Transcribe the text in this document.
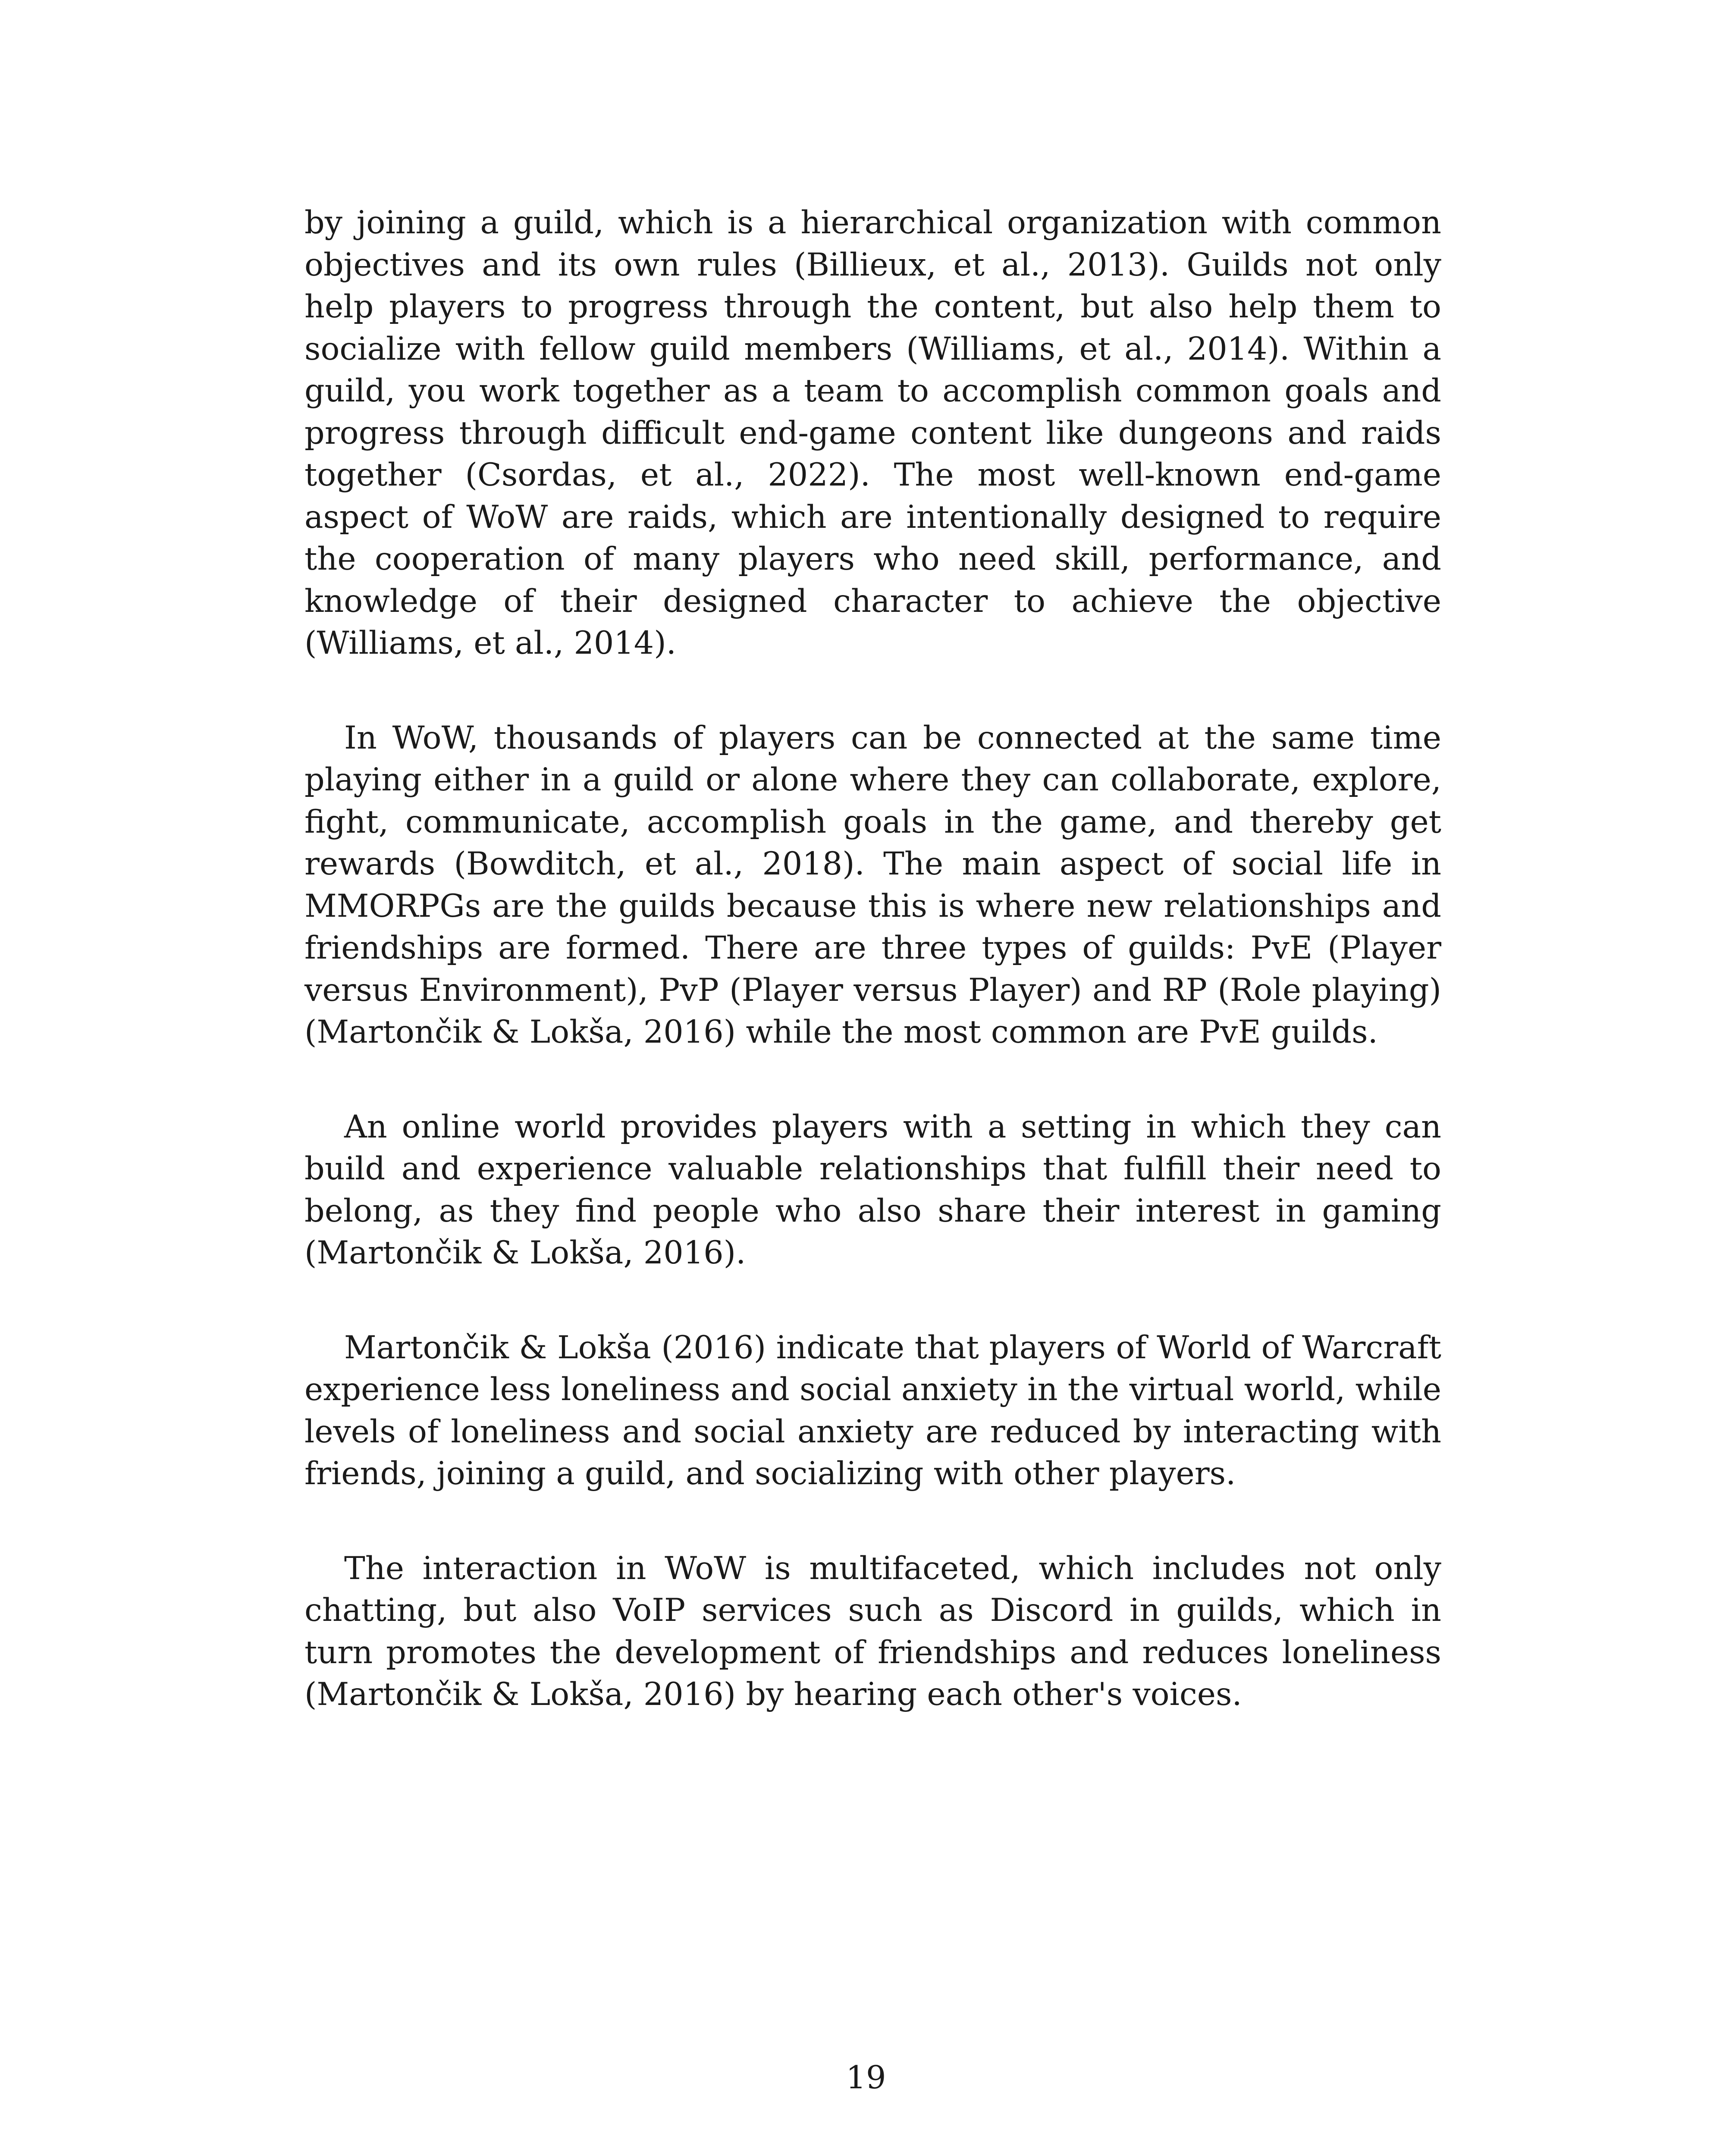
by joining a guild, which is a hierarchical organization with common objectives and its own rules (Billieux, et al., 2013). Guilds not only help players to progress through the content, but also help them to socialize with fellow guild members (Williams, et al., 2014). Within a guild, you work together as a team to accomplish common goals and progress through difficult end-game content like dungeons and raids together (Csordas, et al., 2022). The most well-known end-game aspect of WoW are raids, which are intentionally designed to require the cooperation of many players who need skill, performance, and knowledge of their designed character to achieve the objective (Williams, et al., 2014).

In WoW, thousands of players can be connected at the same time playing either in a guild or alone where they can collaborate, explore, fight, communicate, accomplish goals in the game, and thereby get rewards (Bowditch, et al., 2018). The main aspect of social life in MMORPGs are the guilds because this is where new relationships and friendships are formed. There are three types of guilds: PvE (Player versus Environment), PvP (Player versus Player) and RP (Role playing) (Martončik & Lokša, 2016) while the most common are PvE guilds.

An online world provides players with a setting in which they can build and experience valuable relationships that fulfill their need to belong, as they find people who also share their interest in gaming (Martončik & Lokša, 2016).

Martončik & Lokša (2016) indicate that players of World of Warcraft experience less loneliness and social anxiety in the virtual world, while levels of loneliness and social anxiety are reduced by interacting with friends, joining a guild, and socializing with other players.

The interaction in WoW is multifaceted, which includes not only chatting, but also VoIP services such as Discord in guilds, which in turn promotes the development of friendships and reduces loneliness (Martončik & Lokša, 2016) by hearing each other's voices.

19
